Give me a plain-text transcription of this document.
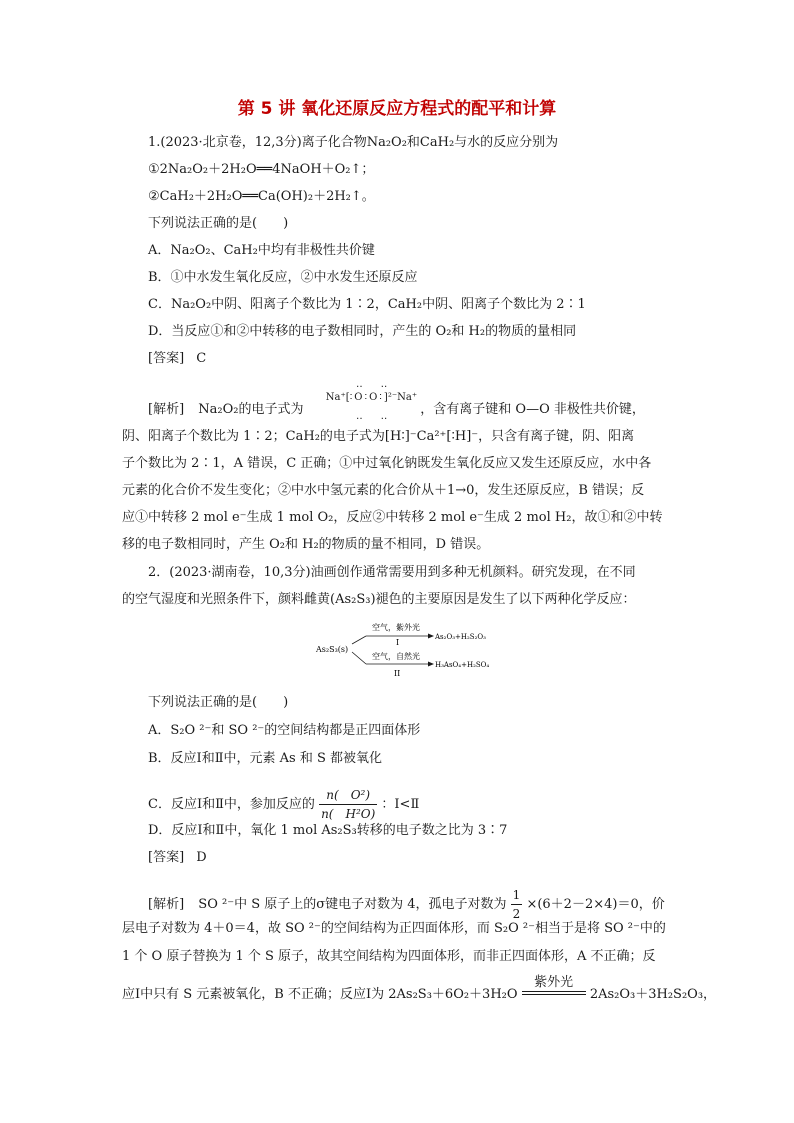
第 5 讲 氧化还原反应方程式的配平和计算
1.(2023·北京卷，12,3分)离子化合物Na₂O₂和CaH₂与水的反应分别为
①2Na₂O₂＋2H₂O══4NaOH＋O₂↑；
②CaH₂＋2H₂O══Ca(OH)₂＋2H₂↑。
下列说法正确的是(　　)
A．Na₂O₂、CaH₂中均有非极性共价键
B．①中水发生氧化反应，②中水发生还原反应
C．Na₂O₂中阴、阳离子个数比为 1∶2，CaH₂中阴、阳离子个数比为 2∶1
D．当反应①和②中转移的电子数相同时，产生的 O₂和 H₂的物质的量相同
[答案] C
‥　‥
‥　‥
[解析] Na₂O₂的电子式为  $^{Na^+[∶O∶O∶]^{2-}Na^+}$ ，含有离子键和 O—O 非极性共价键，
阴、阳离子个数比为 1∶2；CaH₂的电子式为[H∶]⁻Ca²⁺[∶H]⁻，只含有离子键，阴、阳离
子个数比为 2∶1，A 错误，C 正确；①中过氧化钠既发生氧化反应又发生还原反应，水中各
元素的化合价不发生变化；②中水中氢元素的化合价从＋1→0，发生还原反应，B 错误；反
应①中转移 2 mol e⁻生成 1 mol O₂，反应②中转移 2 mol e⁻生成 2 mol H₂，故①和②中转
移的电子数相同时，产生 O₂和 H₂的物质的量不相同，D 错误。
2．(2023·湖南卷，10,3分)油画创作通常需要用到多种无机颜料。研究发现，在不同
的空气湿度和光照条件下，颜料雌黄(As₂S₃)褪色的主要原因是发生了以下两种化学反应：
As₂S₃(s)
空气，紫外光
I
As₂O₃+H₂S₂O₃
空气，自然光
II
H₃AsO₄+H₂SO₄
下列说法正确的是(　　)
A．S₂O ²⁻和 SO ²⁻的空间结构都是正四面体形
B．反应Ⅰ和Ⅱ中，元素 As 和 S 都被氧化
C．反应Ⅰ和Ⅱ中，参加反应的 $\frac{\text{n(　O²)}}{\text{n(　H²O)}}$ ：Ⅰ<Ⅱ
D．反应Ⅰ和Ⅱ中，氧化 1 mol As₂S₃转移的电子数之比为 3∶7
[答案] D
[解析] SO ²⁻中 S 原子上的σ键电子对数为 4，孤电子对数为 $\frac{1}{2} \times(6+2-2\times 4)=0$，价
层电子对数为 4＋0＝4，故 SO ²⁻的空间结构为正四面体形，而 S₂O ²⁻相当于是将 SO ²⁻中的
1 个 O 原子替换为 1 个 S 原子，故其空间结构为四面体形，而非正四面体形，A 不正确；反
应Ⅰ中只有 S 元素被氧化，B 不正确；反应Ⅰ为 2As₂S₃＋6O₂＋3H₂O
紫外光
2As₂O₃＋3H₂S₂O₃，
